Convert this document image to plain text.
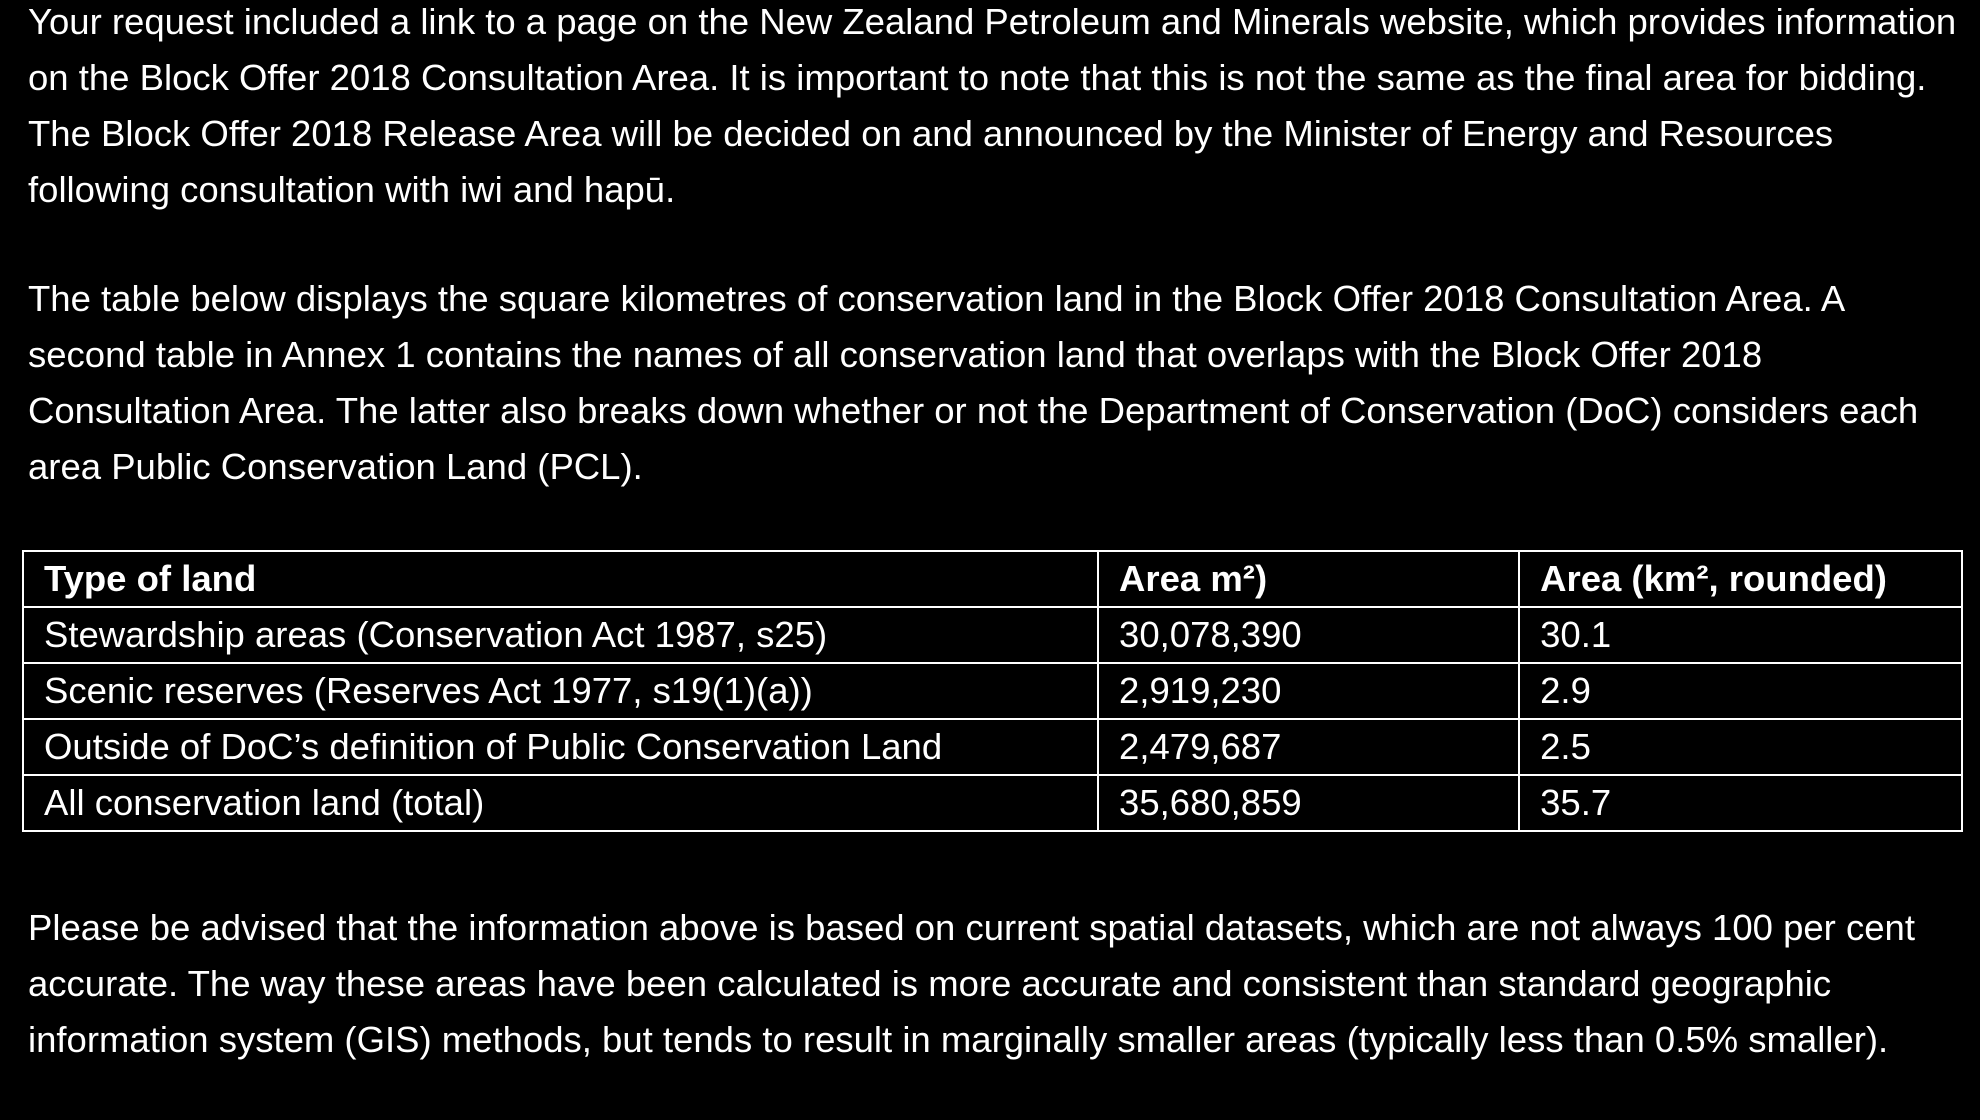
Your request included a link to a page on the New Zealand Petroleum and Minerals website, which provides information on the Block Offer 2018 Consultation Area. It is important to note that this is not the same as the final area for bidding. The Block Offer 2018 Release Area will be decided on and announced by the Minister of Energy and Resources following consultation with iwi and hapū.

The table below displays the square kilometres of conservation land in the Block Offer 2018 Consultation Area. A second table in Annex 1 contains the names of all conservation land that overlaps with the Block Offer 2018 Consultation Area. The latter also breaks down whether or not the Department of Conservation (DoC) considers each area Public Conservation Land (PCL).

Type of land	Area m²)	Area (km², rounded)
Stewardship areas (Conservation Act 1987, s25)	30,078,390	30.1
Scenic reserves (Reserves Act 1977, s19(1)(a))	2,919,230	2.9
Outside of DoC’s definition of Public Conservation Land	2,479,687	2.5
All conservation land (total)	35,680,859	35.7

Please be advised that the information above is based on current spatial datasets, which are not always 100 per cent accurate. The way these areas have been calculated is more accurate and consistent than standard geographic information system (GIS) methods, but tends to result in marginally smaller areas (typically less than 0.5% smaller).
